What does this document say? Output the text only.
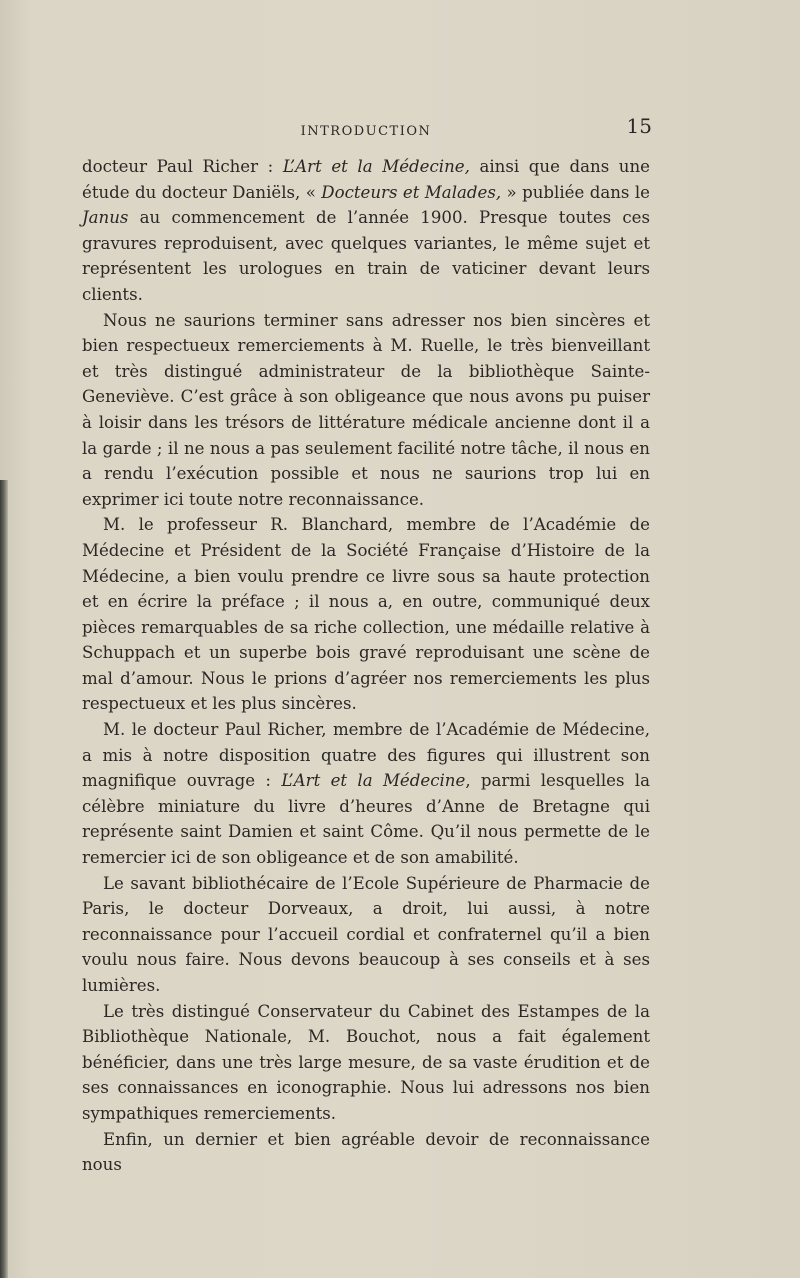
INTRODUCTION	15

docteur Paul Richer : L’Art et la Médecine, ainsi que dans une étude du docteur Daniëls, « Docteurs et Malades, » publiée dans le Janus au commencement de l’année 1900. Presque toutes ces gravures reproduisent, avec quelques variantes, le même sujet et représentent les urologues en train de vaticiner devant leurs clients.

Nous ne saurions terminer sans adresser nos bien sincères et bien respectueux remerciements à M. Ruelle, le très bienveillant et très distingué administrateur de la bibliothèque Sainte-Geneviève. C’est grâce à son obligeance que nous avons pu puiser à loisir dans les trésors de littérature médicale ancienne dont il a la garde ; il ne nous a pas seulement facilité notre tâche, il nous en a rendu l’exécution possible et nous ne saurions trop lui en exprimer ici toute notre reconnaissance.

M. le professeur R. Blanchard, membre de l’Académie de Médecine et Président de la Société Française d’Histoire de la Médecine, a bien voulu prendre ce livre sous sa haute protection et en écrire la préface ; il nous a, en outre, communiqué deux pièces remarquables de sa riche collection, une médaille relative à Schuppach et un superbe bois gravé reproduisant une scène de mal d’amour. Nous le prions d’agréer nos remerciements les plus respectueux et les plus sincères.

M. le docteur Paul Richer, membre de l’Académie de Médecine, a mis à notre disposition quatre des figures qui illustrent son magnifique ouvrage : L’Art et la Médecine, parmi lesquelles la célèbre miniature du livre d’heures d’Anne de Bretagne qui représente saint Damien et saint Côme. Qu’il nous permette de le remercier ici de son obligeance et de son amabilité.

Le savant bibliothécaire de l’Ecole Supérieure de Pharmacie de Paris, le docteur Dorveaux, a droit, lui aussi, à notre reconnaissance pour l’accueil cordial et confraternel qu’il a bien voulu nous faire. Nous devons beaucoup à ses conseils et à ses lumières.

Le très distingué Conservateur du Cabinet des Estampes de la Bibliothèque Nationale, M. Bouchot, nous a fait également bénéficier, dans une très large mesure, de sa vaste érudition et de ses connaissances en iconographie. Nous lui adressons nos bien sympathiques remerciements.

Enfin, un dernier et bien agréable devoir de reconnaissance nous
